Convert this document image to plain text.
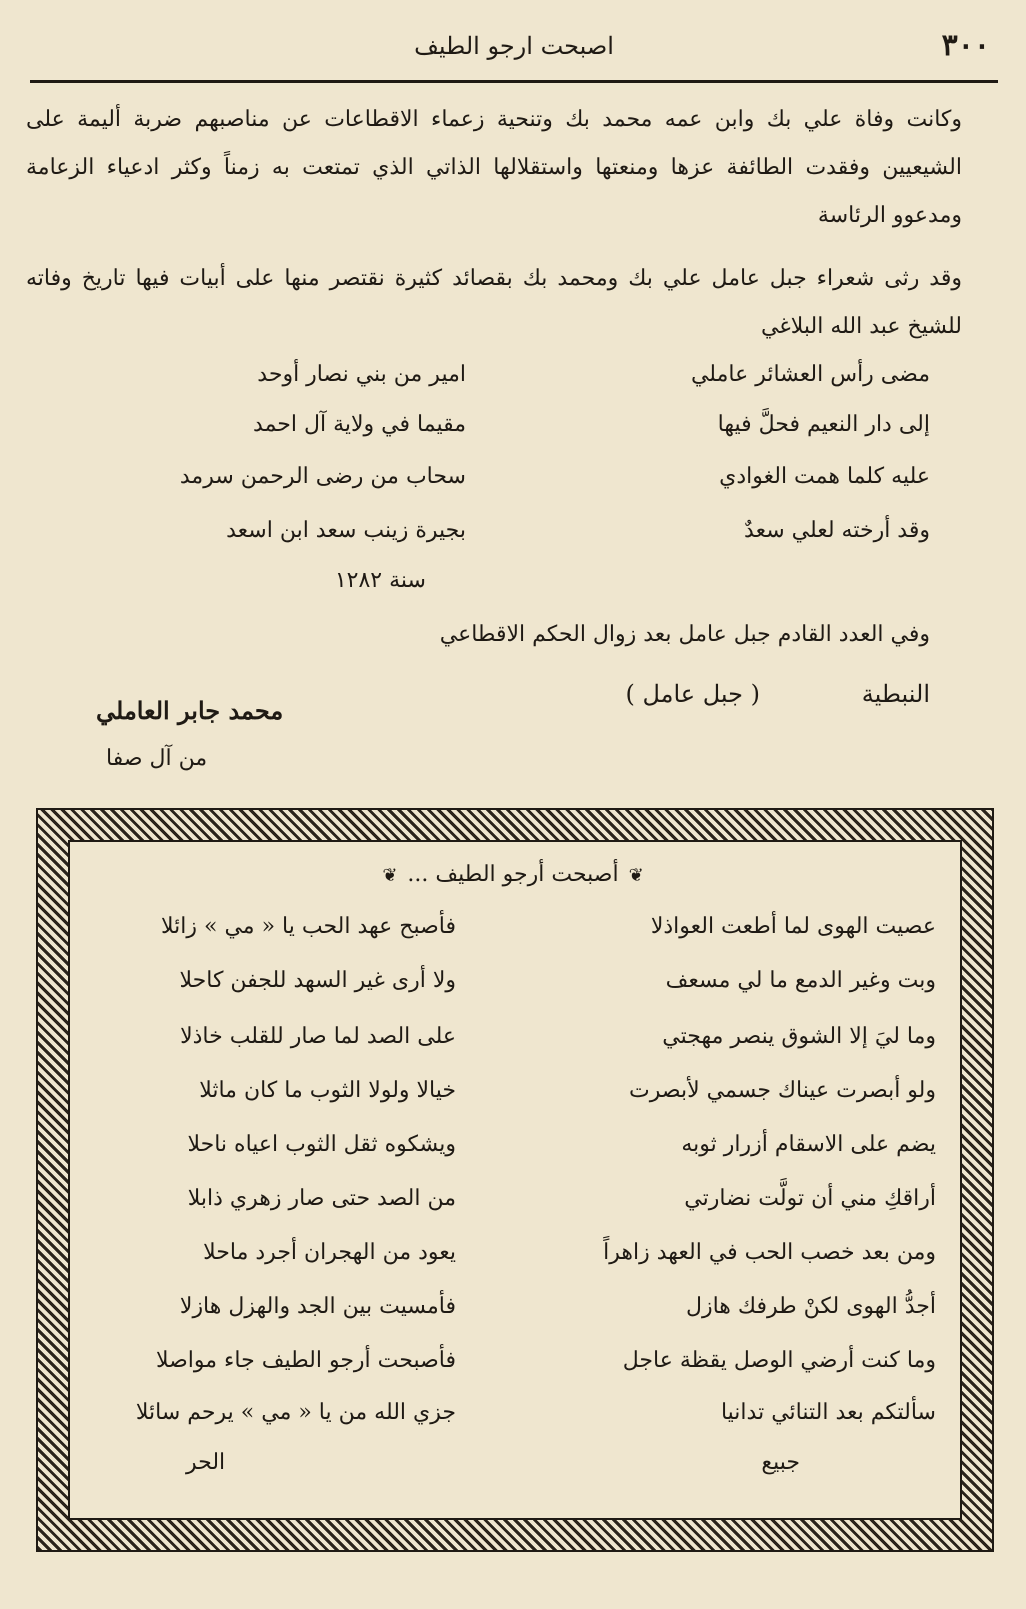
٣٠٠
اصبحت ارجو الطيف
وكانت وفاة علي بك وابن عمه محمد بك وتنحية زعماء الاقطاعات عن مناصبهم ضربة أليمة على الشيعيين وفقدت الطائفة عزها ومنعتها واستقلالها الذاتي الذي تمتعت به زمناً وكثر ادعياء الزعامة ومدعوو الرئاسة
وقد رثى شعراء جبل عامل علي بك ومحمد بك بقصائد كثيرة نقتصر منها على أبيات فيها تاريخ وفاته للشيخ عبد الله البلاغي
مضى رأس العشائر عاملي
امير من بني نصار أوحد
إلى دار النعيم فحلَّ فيها
مقيما في ولاية آل احمد
عليه كلما همت الغوادي
سحاب من رضى الرحمن سرمد
وقد أرخته لعلي سعدٌ
بجيرة زينب سعد ابن اسعد
سنة ١٢٨٢
وفي العدد القادم جبل عامل بعد زوال الحكم الاقطاعي
النبطية
( جبل عامل )
محمد جابر العاملي
من آل صفا
❦أصبحت أرجو الطيف ...❦
عصيت الهوى لما أطعت العواذلا
فأصبح عهد الحب يا « مي » زائلا
وبت وغير الدمع ما لي مسعف
ولا أرى غير السهد للجفن كاحلا
وما ليَ إلا الشوق ينصر مهجتي
على الصد لما صار للقلب خاذلا
ولو أبصرت عيناك جسمي لأبصرت
خيالا ولولا الثوب ما كان ماثلا
يضم على الاسقام أزرار ثوبه
ويشكوه ثقل الثوب اعياه ناحلا
أراقكِ مني أن تولَّت نضارتي
من الصد حتى صار زهري ذابلا
ومن بعد خصب الحب في العهد زاهراً
يعود من الهجران أجرد ماحلا
أجدُّ الهوى لكنْ طرفك هازل
فأمسيت بين الجد والهزل هازلا
وما كنت أرضي الوصل يقظة عاجل
فأصبحت أرجو الطيف جاء مواصلا
سألتكم بعد التنائي تدانيا
جزي الله من يا « مي » يرحم سائلا
جبيع
الحر
